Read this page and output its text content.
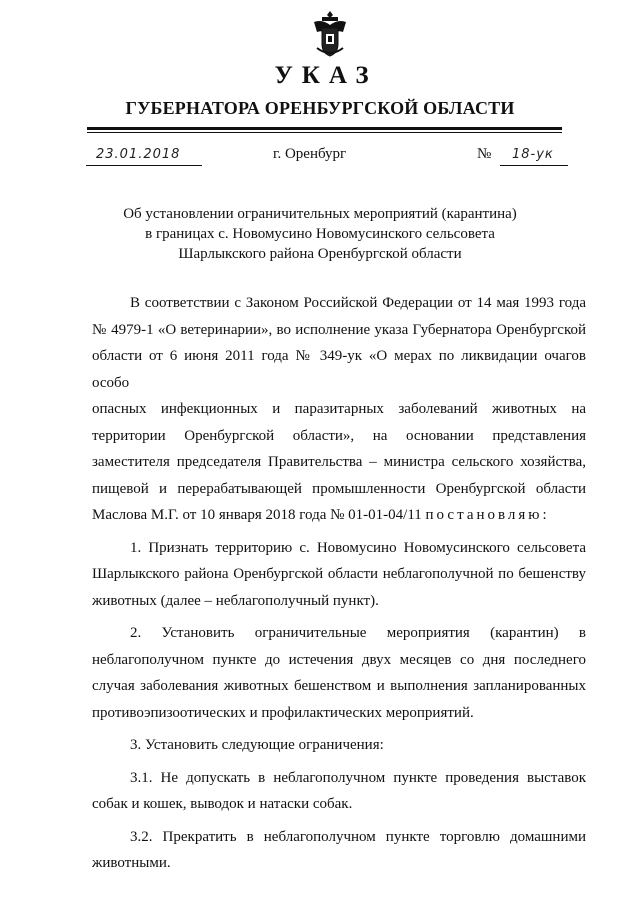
УКАЗ
ГУБЕРНАТОРА ОРЕНБУРГСКОЙ ОБЛАСТИ
23.01.2018	г. Оренбург	№ 18-ук
Об установлении ограничительных мероприятий (карантина)
в границах с. Новомусино Новомусинского сельсовета
Шарлыкского района Оренбургской области

В соответствии с Законом Российской Федерации от 14 мая 1993 года

№ 4979-1 «О ветеринарии», во исполнение указа Губернатора Оренбургской

области от 6 июня 2011 года № 349-ук «О мерах по ликвидации очагов особо

опасных инфекционных и паразитарных заболеваний животных на

территории Оренбургской области», на основании представления

заместителя председателя Правительства – министра сельского хозяйства,

пищевой и перерабатывающей промышленности Оренбургской области

Маслова М.Г. от 10 января 2018 года № 01-01-04/11 постановляю:

1. Признать территорию с. Новомусино Новомусинского сельсовета

Шарлыкского района Оренбургской области неблагополучной по бешенству

животных (далее – неблагополучный пункт).

2. Установить ограничительные мероприятия (карантин) в

неблагополучном пункте до истечения двух месяцев со дня последнего

случая заболевания животных бешенством и выполнения запланированных

противоэпизоотических и профилактических мероприятий.

3. Установить следующие ограничения:

3.1. Не допускать в неблагополучном пункте проведения выставок

собак и кошек, выводок и натаски собак.

3.2. Прекратить в неблагополучном пункте торговлю домашними

животными.
